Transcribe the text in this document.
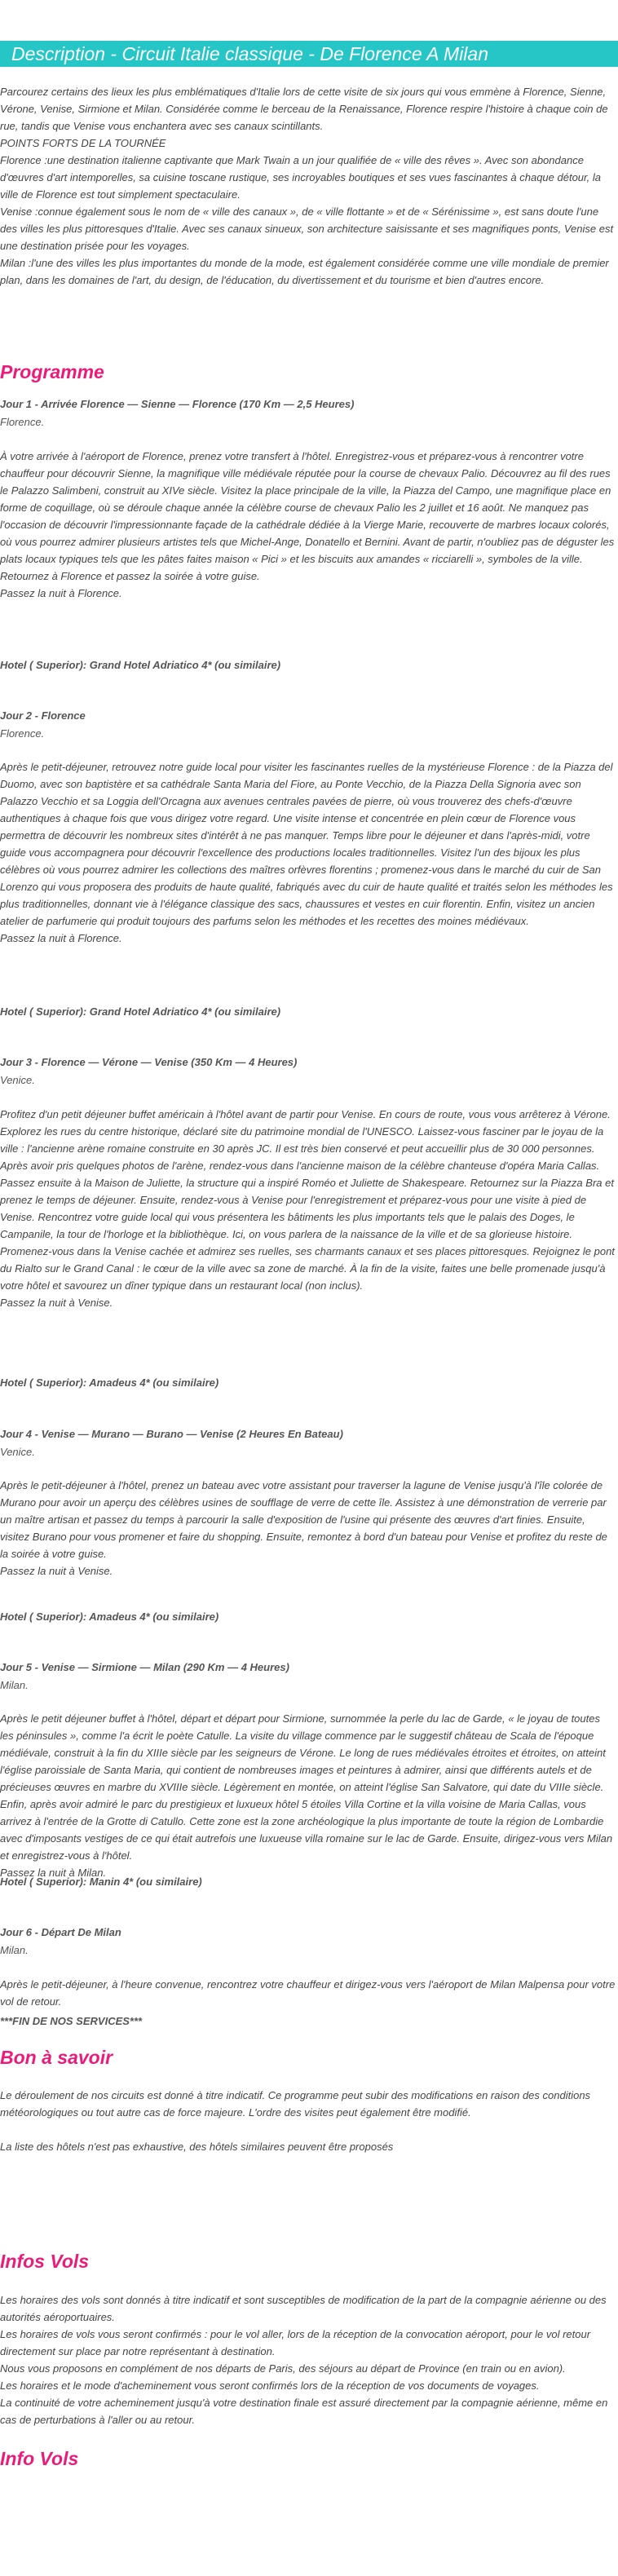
Description - Circuit Italie classique - De Florence A Milan

Parcourez certains des lieux les plus emblématiques d'Italie lors de cette visite de six jours qui vous emmène à Florence, Sienne, Vérone, Venise, Sirmione et Milan. Considérée comme le berceau de la Renaissance, Florence respire l'histoire à chaque coin de rue, tandis que Venise vous enchantera avec ses canaux scintillants.

POINTS FORTS DE LA TOURNÉE

Florence :une destination italienne captivante que Mark Twain a un jour qualifiée de « ville des rêves ». Avec son abondance d'œuvres d'art intemporelles, sa cuisine toscane rustique, ses incroyables boutiques et ses vues fascinantes à chaque détour, la ville de Florence est tout simplement spectaculaire.

Venise :connue également sous le nom de « ville des canaux », de « ville flottante » et de « Sérénissime », est sans doute l'une des villes les plus pittoresques d'Italie. Avec ses canaux sinueux, son architecture saisissante et ses magnifiques ponts, Venise est une destination prisée pour les voyages.

Milan :l'une des villes les plus importantes du monde de la mode, est également considérée comme une ville mondiale de premier plan, dans les domaines de l'art, du design, de l'éducation, du divertissement et du tourisme et bien d'autres encore.

Programme
Jour 1 - Arrivée Florence — Sienne — Florence (170 Km — 2,5 Heures)
Florence.

À votre arrivée à l'aéroport de Florence, prenez votre transfert à l'hôtel. Enregistrez-vous et préparez-vous à rencontrer votre chauffeur pour découvrir Sienne, la magnifique ville médiévale réputée pour la course de chevaux Palio. Découvrez au fil des rues le Palazzo Salimbeni, construit au XIVe siècle. Visitez la place principale de la ville, la Piazza del Campo, une magnifique place en forme de coquillage, où se déroule chaque année la célèbre course de chevaux Palio les 2 juillet et 16 août. Ne manquez pas l'occasion de découvrir l'impressionnante façade de la cathédrale dédiée à la Vierge Marie, recouverte de marbres locaux colorés, où vous pourrez admirer plusieurs artistes tels que Michel-Ange, Donatello et Bernini. Avant de partir, n'oubliez pas de déguster les plats locaux typiques tels que les pâtes faites maison « Pici » et les biscuits aux amandes « ricciarelli », symboles de la ville. Retournez à Florence et passez la soirée à votre guise.

Passez la nuit à Florence.

Hotel ( Superior): Grand Hotel Adriatico 4* (ou similaire)
Jour 2 - Florence
Florence.

Après le petit-déjeuner, retrouvez notre guide local pour visiter les fascinantes ruelles de la mystérieuse Florence : de la Piazza del Duomo, avec son baptistère et sa cathédrale Santa Maria del Fiore, au Ponte Vecchio, de la Piazza Della Signoria avec son Palazzo Vecchio et sa Loggia dell'Orcagna aux avenues centrales pavées de pierre, où vous trouverez des chefs-d'œuvre authentiques à chaque fois que vous dirigez votre regard. Une visite intense et concentrée en plein cœur de Florence vous permettra de découvrir les nombreux sites d'intérêt à ne pas manquer. Temps libre pour le déjeuner et dans l'après-midi, votre guide vous accompagnera pour découvrir l'excellence des productions locales traditionnelles. Visitez l'un des bijoux les plus célèbres où vous pourrez admirer les collections des maîtres orfèvres florentins ; promenez-vous dans le marché du cuir de San Lorenzo qui vous proposera des produits de haute qualité, fabriqués avec du cuir de haute qualité et traités selon les méthodes les plus traditionnelles, donnant vie à l'élégance classique des sacs, chaussures et vestes en cuir florentin. Enfin, visitez un ancien atelier de parfumerie qui produit toujours des parfums selon les méthodes et les recettes des moines médiévaux.

Passez la nuit à Florence.

Hotel ( Superior): Grand Hotel Adriatico 4* (ou similaire)
Jour 3 - Florence — Vérone — Venise (350 Km — 4 Heures)
Venice.

Profitez d'un petit déjeuner buffet américain à l'hôtel avant de partir pour Venise. En cours de route, vous vous arrêterez à Vérone. Explorez les rues du centre historique, déclaré site du patrimoine mondial de l'UNESCO. Laissez-vous fasciner par le joyau de la ville : l'ancienne arène romaine construite en 30 après JC. Il est très bien conservé et peut accueillir plus de 30 000 personnes. Après avoir pris quelques photos de l'arène, rendez-vous dans l'ancienne maison de la célèbre chanteuse d'opéra Maria Callas. Passez ensuite à la Maison de Juliette, la structure qui a inspiré Roméo et Juliette de Shakespeare. Retournez sur la Piazza Bra et prenez le temps de déjeuner. Ensuite, rendez-vous à Venise pour l'enregistrement et préparez-vous pour une visite à pied de Venise. Rencontrez votre guide local qui vous présentera les bâtiments les plus importants tels que le palais des Doges, le Campanile, la tour de l'horloge et la bibliothèque. Ici, on vous parlera de la naissance de la ville et de sa glorieuse histoire. Promenez-vous dans la Venise cachée et admirez ses ruelles, ses charmants canaux et ses places pittoresques. Rejoignez le pont du Rialto sur le Grand Canal : le cœur de la ville avec sa zone de marché. À la fin de la visite, faites une belle promenade jusqu'à votre hôtel et savourez un dîner typique dans un restaurant local (non inclus).

Passez la nuit à Venise.

Hotel ( Superior): Amadeus 4* (ou similaire)
Jour 4 - Venise — Murano — Burano — Venise (2 Heures En Bateau)
Venice.

Après le petit-déjeuner à l'hôtel, prenez un bateau avec votre assistant pour traverser la lagune de Venise jusqu'à l'île colorée de Murano pour avoir un aperçu des célèbres usines de soufflage de verre de cette île. Assistez à une démonstration de verrerie par un maître artisan et passez du temps à parcourir la salle d'exposition de l'usine qui présente des œuvres d'art finies. Ensuite, visitez Burano pour vous promener et faire du shopping. Ensuite, remontez à bord d'un bateau pour Venise et profitez du reste de la soirée à votre guise.

Passez la nuit à Venise.

Hotel ( Superior): Amadeus 4* (ou similaire)
Jour 5 - Venise — Sirmione — Milan (290 Km — 4 Heures)
Milan.

Après le petit déjeuner buffet à l'hôtel, départ et départ pour Sirmione, surnommée la perle du lac de Garde, « le joyau de toutes les péninsules », comme l'a écrit le poète Catulle. La visite du village commence par le suggestif château de Scala de l'époque médiévale, construit à la fin du XIIIe siècle par les seigneurs de Vérone. Le long de rues médiévales étroites et étroites, on atteint l'église paroissiale de Santa Maria, qui contient de nombreuses images et peintures à admirer, ainsi que différents autels et de précieuses œuvres en marbre du XVIIIe siècle. Légèrement en montée, on atteint l'église San Salvatore, qui date du VIIIe siècle. Enfin, après avoir admiré le parc du prestigieux et luxueux hôtel 5 étoiles Villa Cortine et la villa voisine de Maria Callas, vous arrivez à l'entrée de la Grotte di Catullo. Cette zone est la zone archéologique la plus importante de toute la région de Lombardie avec d'imposants vestiges de ce qui était autrefois une luxueuse villa romaine sur le lac de Garde. Ensuite, dirigez-vous vers Milan et enregistrez-vous à l'hôtel.

Passez la nuit à Milan.

Hotel ( Superior): Manin 4* (ou similaire)
Jour 6 - Départ De Milan
Milan.

Après le petit-déjeuner, à l'heure convenue, rencontrez votre chauffeur et dirigez-vous vers l'aéroport de Milan Malpensa pour votre vol de retour.

***FIN DE NOS SERVICES***
Bon à savoir

Le déroulement de nos circuits est donné à titre indicatif. Ce programme peut subir des modifications en raison des conditions météorologiques ou tout autre cas de force majeure. L'ordre des visites peut également être modifié.

La liste des hôtels n'est pas exhaustive, des hôtels similaires peuvent être proposés

Infos Vols

Les horaires des vols sont donnés à titre indicatif et sont susceptibles de modification de la part de la compagnie aérienne ou des autorités aéroportuaires.

Les horaires de vols vous seront confirmés : pour le vol aller, lors de la réception de la convocation aéroport, pour le vol retour directement sur place par notre représentant à destination.

Nous vous proposons en complément de nos départs de Paris, des séjours au départ de Province (en train ou en avion).

Les horaires et le mode d'acheminement vous seront confirmés lors de la réception de vos documents de voyages.

La continuité de votre acheminement jusqu'à votre destination finale est assuré directement par la compagnie aérienne, même en cas de perturbations à l'aller ou au retour.

Info Vols
